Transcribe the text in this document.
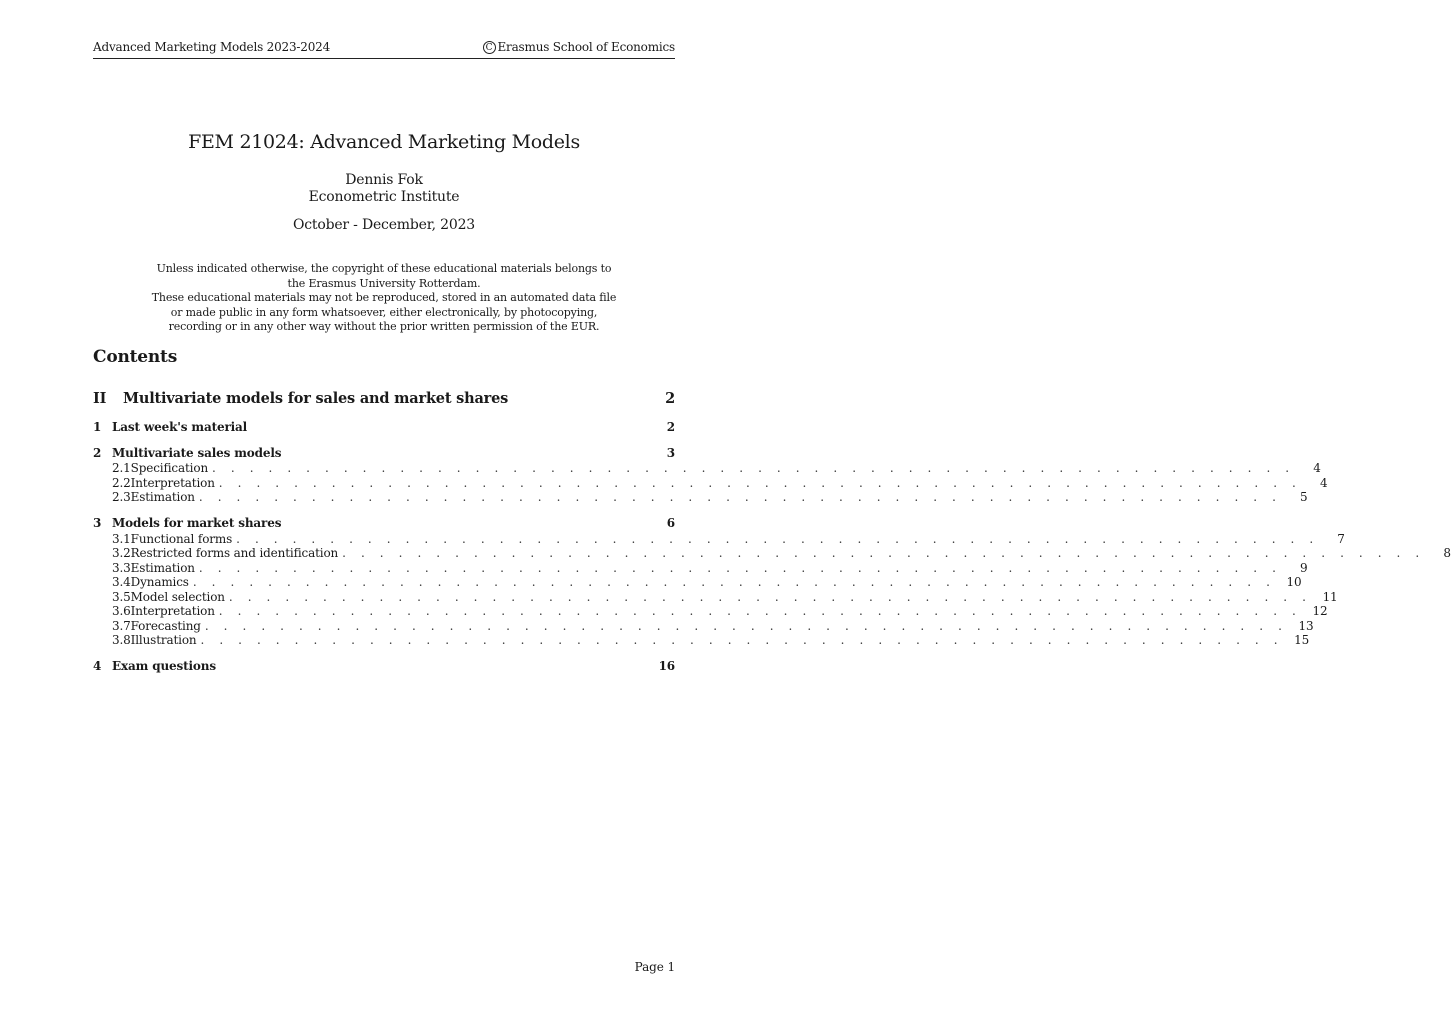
Advanced Marketing Models 2023-2024	C Erasmus School of Economics
FEM 21024: Advanced Marketing Models
Dennis Fok
Econometric Institute
October - December, 2023
Unless indicated otherwise, the copyright of these educational materials belongs to the Erasmus University Rotterdam.
These educational materials may not be reproduced, stored in an automated data file or made public in any form whatsoever, either electronically, by photocopying, recording or in any other way without the prior written permission of the EUR.
Contents
II	Multivariate models for sales and market shares	2
1 Last week's material	2
2 Multivariate sales models	3
2.1 Specification . . . . . . . . . . . . . . . . . . . . . . . . . . . . . . . . . . . . . . . . . . . . . . . . . . . . . . . . . .	4
2.2 Interpretation . . . . . . . . . . . . . . . . . . . . . . . . . . . . . . . . . . . . . . . . . . . . . . . . . . . . . . . . . .	4
2.3 Estimation . . . . . . . . . . . . . . . . . . . . . . . . . . . . . . . . . . . . . . . . . . . . . . . . . . . . . . . . . .	5
3 Models for market shares	6
3.1 Functional forms . . . . . . . . . . . . . . . . . . . . . . . . . . . . . . . . . . . . . . . . . . . . . . . . . . . . . . . . . .	7
3.2 Restricted forms and identification . . . . . . . . . . . . . . . . . . . . . . . . . . . . . . . . . . . . . . . . . . . . . . . . . . . . . . . . . .	8
3.3 Estimation . . . . . . . . . . . . . . . . . . . . . . . . . . . . . . . . . . . . . . . . . . . . . . . . . . . . . . . . . .	9
3.4 Dynamics . . . . . . . . . . . . . . . . . . . . . . . . . . . . . . . . . . . . . . . . . . . . . . . . . . . . . . . . . . 10
3.5 Model selection . . . . . . . . . . . . . . . . . . . . . . . . . . . . . . . . . . . . . . . . . . . . . . . . . . . . . . . . . . 11
3.6 Interpretation . . . . . . . . . . . . . . . . . . . . . . . . . . . . . . . . . . . . . . . . . . . . . . . . . . . . . . . . . . 12
3.7 Forecasting . . . . . . . . . . . . . . . . . . . . . . . . . . . . . . . . . . . . . . . . . . . . . . . . . . . . . . . . . . 13
3.8 Illustration . . . . . . . . . . . . . . . . . . . . . . . . . . . . . . . . . . . . . . . . . . . . . . . . . . . . . . . . . . 15
4 Exam questions	16
Page 1
